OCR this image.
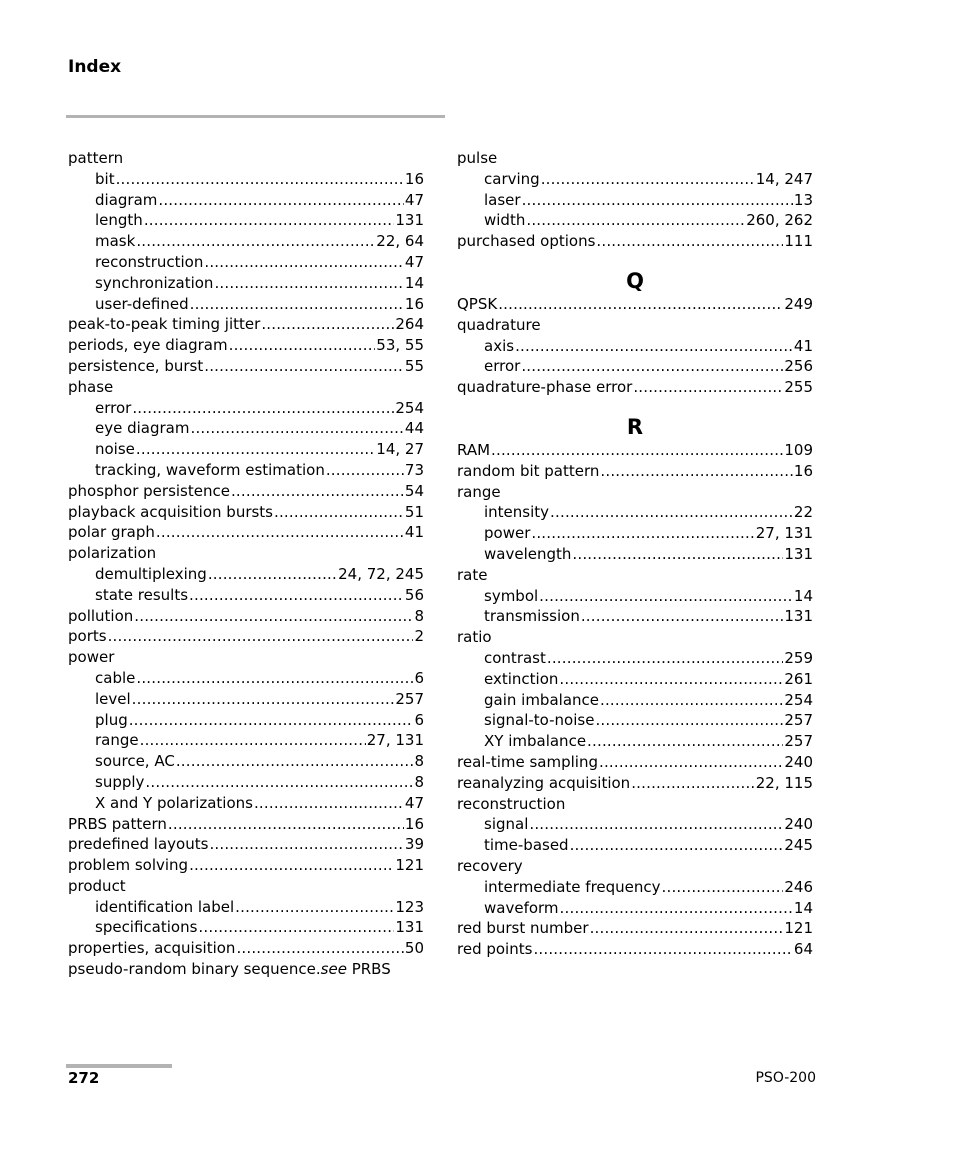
Index
pattern
bit .....	16
diagram .....	47
length .....	131
mask .....	22, 64
reconstruction .....	47
synchronization .....	14
user-defined .....	16
peak-to-peak timing jitter .....	264
periods, eye diagram .....	53, 55
persistence, burst .....	55
phase
error .....	254
eye diagram .....	44
noise .....	14, 27
tracking, waveform estimation .....	73
phosphor persistence .....	54
playback acquisition bursts .....	51
polar graph .....	41
polarization
demultiplexing .....	24, 72, 245
state results .....	56
pollution .....	8
ports .....	2
power
cable .....	6
level .....	257
plug .....	6
range .....	27, 131
source, AC .....	8
supply .....	8
X and Y polarizations .....	47
PRBS pattern .....	16
predefined layouts .....	39
problem solving .....	121
product
identification label .....	123
specifications .....	131
properties, acquisition .....	50
pseudo-random binary sequence. see
PRBS
pulse
carving .....	14, 247
laser .....	13
width .....	260, 262
purchased options .....	111
Q
QPSK .....	249
quadrature
axis .....	41
error .....	256
quadrature-phase error .....	255
R
RAM .....	109
random bit pattern .....	16
range
intensity .....	22
power .....	27, 131
wavelength .....	131
rate
symbol .....	14
transmission .....	131
ratio
contrast .....	259
extinction .....	261
gain imbalance .....	254
signal-to-noise .....	257
XY imbalance .....	257
real-time sampling .....	240
reanalyzing acquisition .....	22, 115
reconstruction
signal .....	240
time-based .....	245
recovery
intermediate frequency .....	246
waveform .....	14
red burst number .....	121
red points .....	64
272	PSO-200
